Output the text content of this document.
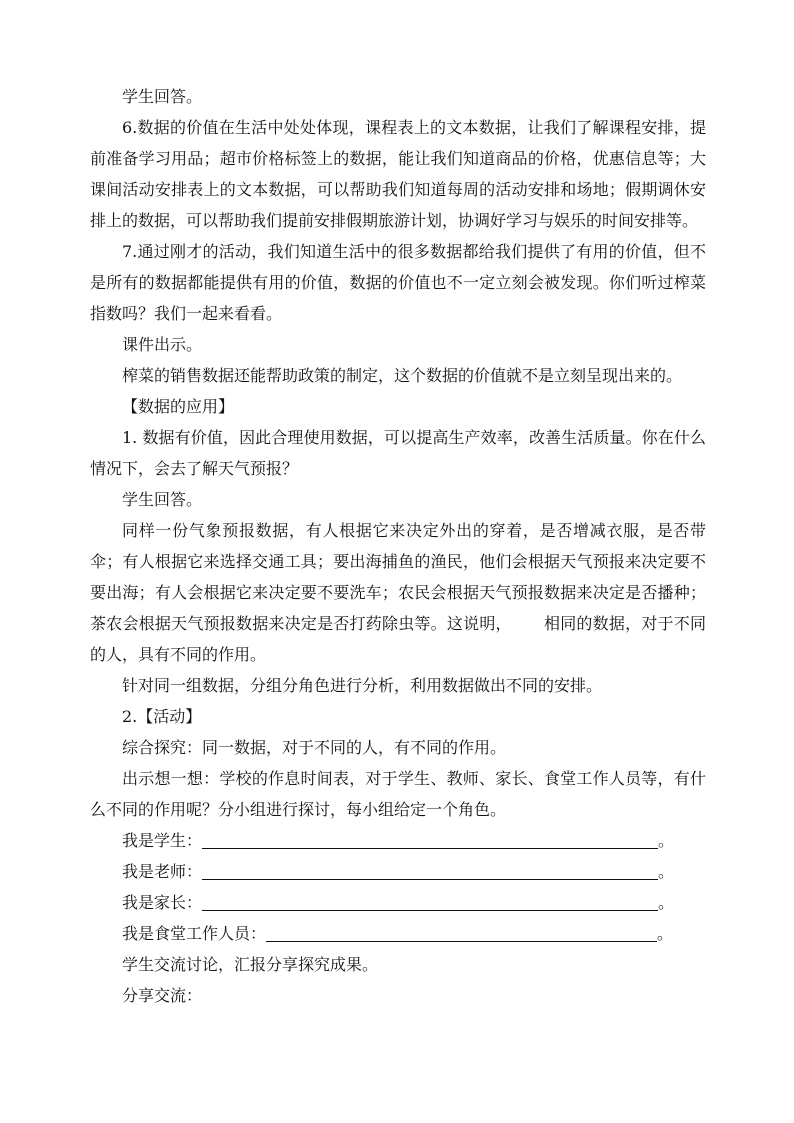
学生回答。

6.数据的价值在生活中处处体现，课程表上的文本数据，让我们了解课程安排，提前准备学习用品；超市价格标签上的数据，能让我们知道商品的价格，优惠信息等；大课间活动安排表上的文本数据，可以帮助我们知道每周的活动安排和场地；假期调休安排上的数据，可以帮助我们提前安排假期旅游计划，协调好学习与娱乐的时间安排等。

7.通过刚才的活动，我们知道生活中的很多数据都给我们提供了有用的价值，但不是所有的数据都能提供有用的价值，数据的价值也不一定立刻会被发现。你们听过榨菜指数吗？我们一起来看看。

课件出示。

榨菜的销售数据还能帮助政策的制定，这个数据的价值就不是立刻呈现出来的。

【数据的应用】

1. 数据有价值，因此合理使用数据，可以提高生产效率，改善生活质量。你在什么情况下，会去了解天气预报？

学生回答。

同样一份气象预报数据，有人根据它来决定外出的穿着，是否增减衣服，是否带伞；有人根据它来选择交通工具；要出海捕鱼的渔民，他们会根据天气预报来决定要不要出海；有人会根据它来决定要不要洗车；农民会根据天气预报数据来决定是否播种；茶农会根据天气预报数据来决定是否打药除虫等。这说明， 相同的数据，对于不同的人，具有不同的作用。

针对同一组数据，分组分角色进行分析，利用数据做出不同的安排。

2.【活动】

综合探究：同一数据，对于不同的人，有不同的作用。

出示想一想：学校的作息时间表，对于学生、教师、家长、食堂工作人员等，有什么不同的作用呢？分小组进行探讨，每小组给定一个角色。

我是学生：	。
我是老师：	。
我是家长：	。
我是食堂工作人员：	。

学生交流讨论，汇报分享探究成果。

分享交流：
